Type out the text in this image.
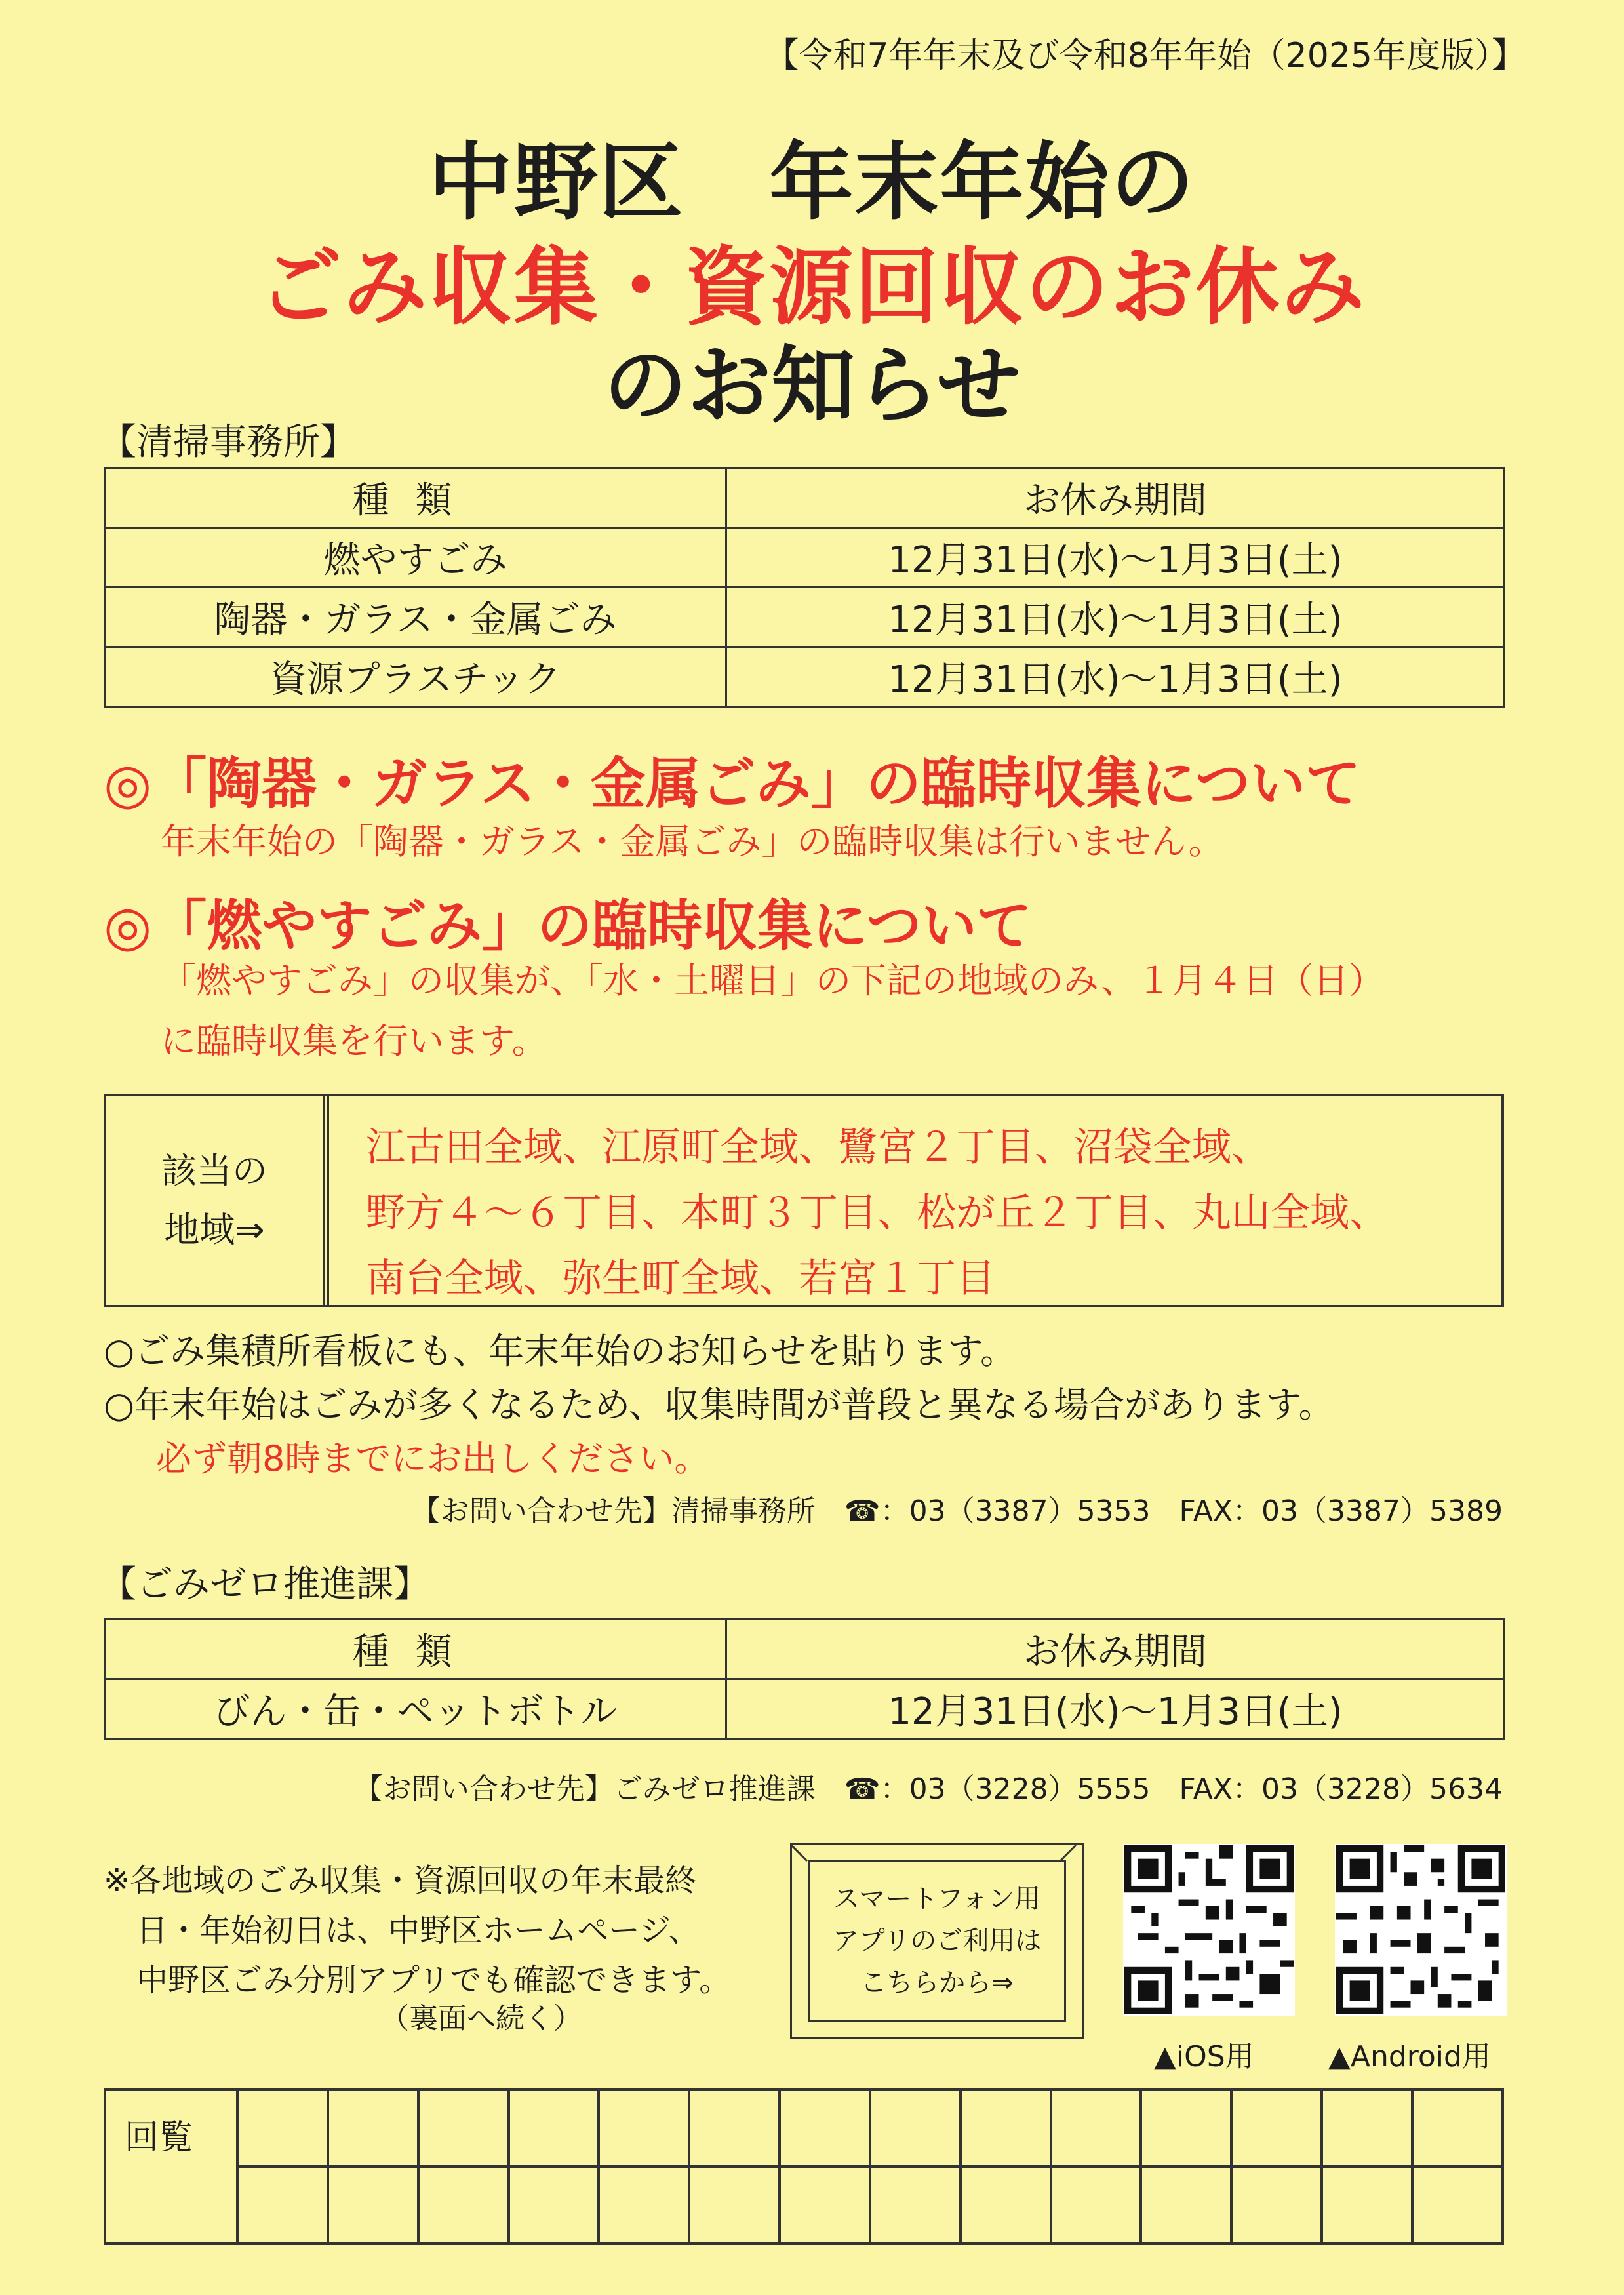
【令和7年年末及び令和8年年始（2025年度版）】
中野区　年末年始の
ごみ収集・資源回収のお休み
のお知らせ
【清掃事務所】
種類	お休み期間
燃やすごみ	12月31日(水)〜1月3日(土)
陶器・ガラス・金属ごみ	12月31日(水)〜1月3日(土)
資源プラスチック	12月31日(水)〜1月3日(土)
◎「陶器・ガラス・金属ごみ」の臨時収集について
年末年始の「陶器・ガラス・金属ごみ」の臨時収集は行いません。
◎「燃やすごみ」の臨時収集について
「燃やすごみ」の収集が、「水・土曜日」の下記の地域のみ、１月４日（日）
に臨時収集を行います。
該当の
地域⇒
江古田全域、江原町全域、鷺宮２丁目、沼袋全域、
野方４〜６丁目、本町３丁目、松が丘２丁目、丸山全域、
南台全域、弥生町全域、若宮１丁目
○ごみ集積所看板にも、年末年始のお知らせを貼ります。
○年末年始はごみが多くなるため、収集時間が普段と異なる場合があります。
必ず朝8時までにお出しください。
【お問い合わせ先】清掃事務所　☎：03（3387）5353　FAX：03（3387）5389
【ごみゼロ推進課】
種類	お休み期間
びん・缶・ペットボトル	12月31日(水)〜1月3日(土)
【お問い合わせ先】ごみゼロ推進課　☎：03（3228）5555　FAX：03（3228）5634
※各地域のごみ収集・資源回収の年末最終
日・年始初日は、中野区ホームページ、
中野区ごみ分別アプリでも確認できます。
（裏面へ続く）
スマートフォン用
アプリのご利用は
こちらから⇒
▲iOS用	▲Android用
回覧														
